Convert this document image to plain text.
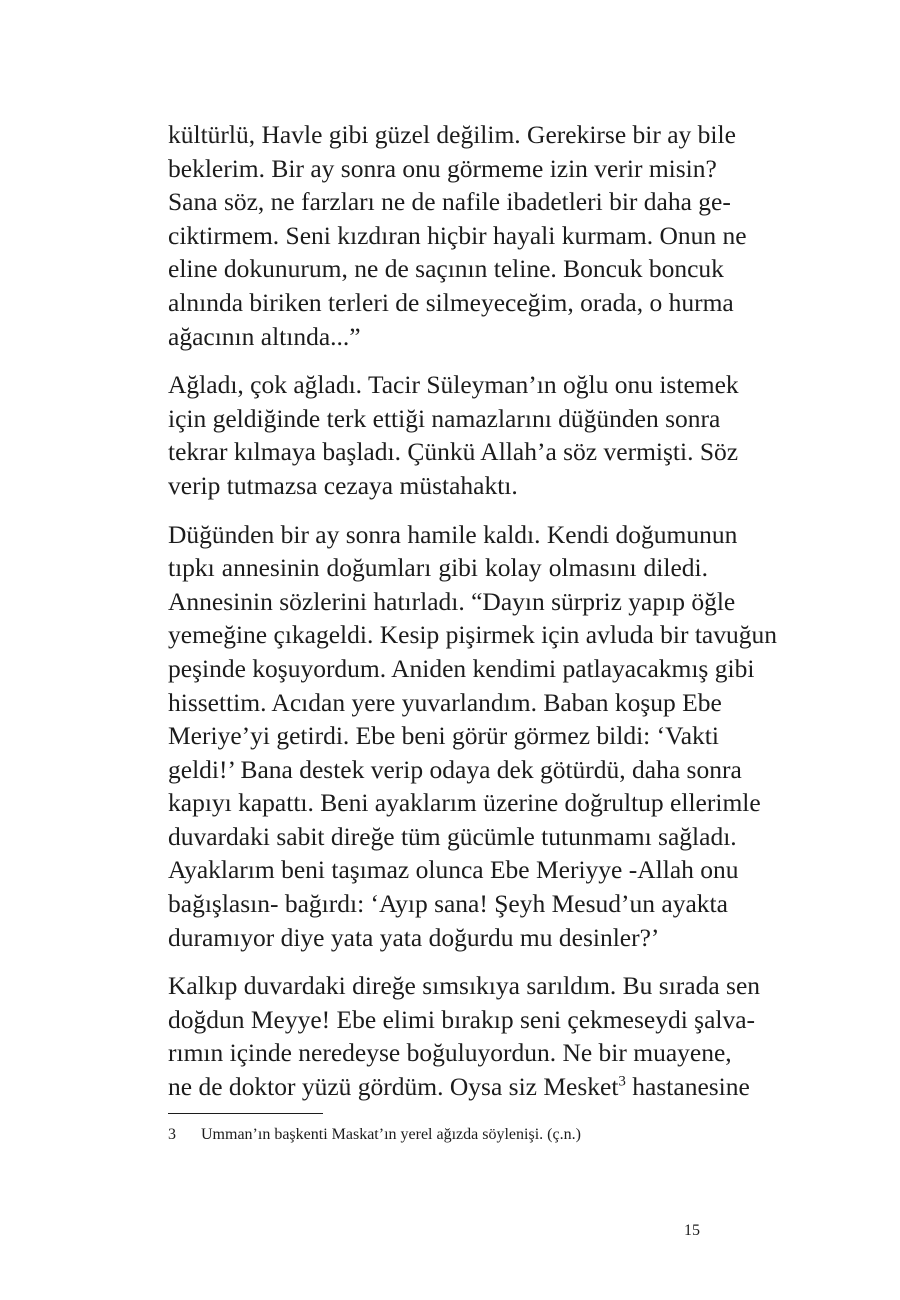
kültürlü, Havle gibi güzel değilim. Gerekirse bir ay bile
beklerim. Bir ay sonra onu görmeme izin verir misin?
Sana söz, ne farzları ne de nafile ibadetleri bir daha ge-
ciktirmem. Seni kızdıran hiçbir hayali kurmam. Onun ne
eline dokunurum, ne de saçının teline. Boncuk boncuk
alnında biriken terleri de silmeyeceğim, orada, o hurma
ağacının altında...”

Ağladı, çok ağladı. Tacir Süleyman’ın oğlu onu istemek
için geldiğinde terk ettiği namazlarını düğünden sonra
tekrar kılmaya başladı. Çünkü Allah’a söz vermişti. Söz
verip tutmazsa cezaya müstahaktı.

Düğünden bir ay sonra hamile kaldı. Kendi doğumunun
tıpkı annesinin doğumları gibi kolay olmasını diledi.
Annesinin sözlerini hatırladı. “Dayın sürpriz yapıp öğle
yemeğine çıkageldi. Kesip pişirmek için avluda bir tavuğun
peşinde koşuyordum. Aniden kendimi patlayacakmış gibi
hissettim. Acıdan yere yuvarlandım. Baban koşup Ebe
Meriye’yi getirdi. Ebe beni görür görmez bildi: ‘Vakti
geldi!’ Bana destek verip odaya dek götürdü, daha sonra
kapıyı kapattı. Beni ayaklarım üzerine doğrultup ellerimle
duvardaki sabit direğe tüm gücümle tutunmamı sağladı.
Ayaklarım beni taşımaz olunca Ebe Meriyye -Allah onu
bağışlasın- bağırdı: ‘Ayıp sana! Şeyh Mesud’un ayakta
duramıyor diye yata yata doğurdu mu desinler?’

Kalkıp duvardaki direğe sımsıkıya sarıldım. Bu sırada sen
doğdun Meyye! Ebe elimi bırakıp seni çekmeseydi şalva-
rımın içinde neredeyse boğuluyordun. Ne bir muayene,
ne de doktor yüzü gördüm. Oysa siz Mesket$^3$ hastanesine

3 Umman’ın başkenti Maskat’ın yerel ağızda söylenişi. (ç.n.)
15
